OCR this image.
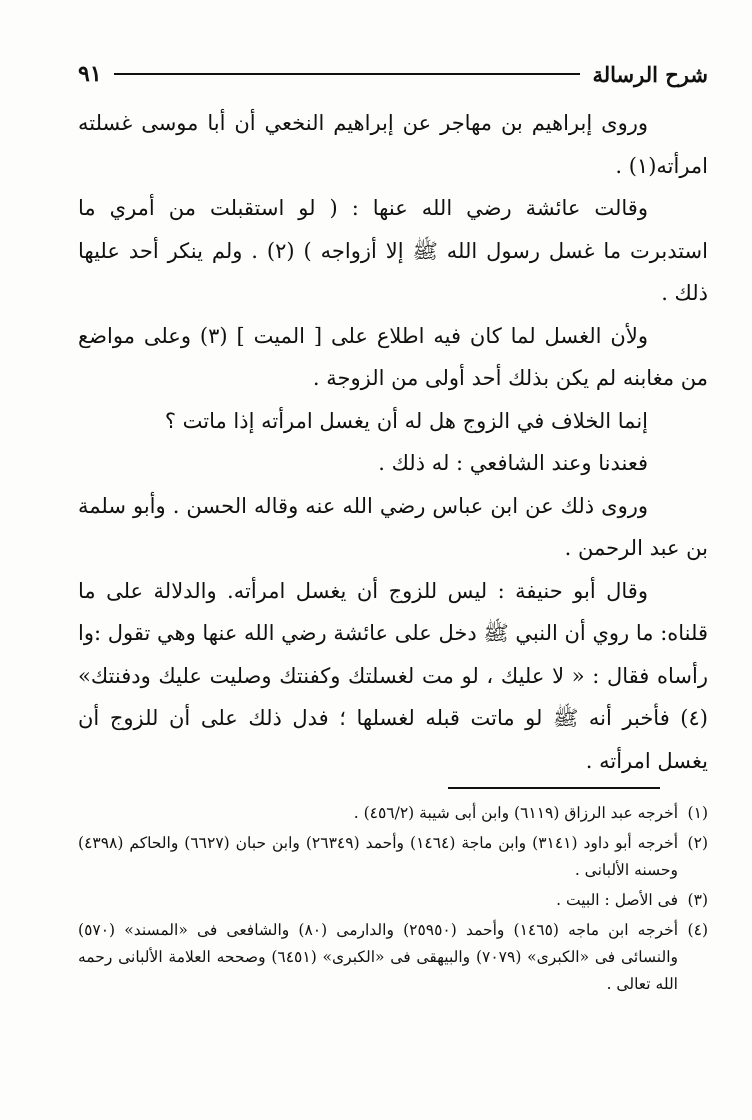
شرح الرسالة
٩١

وروى إبراهيم بن مهاجر عن إبراهيم النخعي أن أبا موسى غسلته امرأته(١) .

وقالت عائشة رضي الله عنها : ( لو استقبلت من أمري ما استدبرت ما غسل رسول الله ﷺ إلا أزواجه ) (٢) . ولم ينكر أحد عليها ذلك .

ولأن الغسل لما كان فيه اطلاع على [ الميت ] (٣) وعلى مواضع من مغابنه لم يكن بذلك أحد أولى من الزوجة .

إنما الخلاف في الزوج هل له أن يغسل امرأته إذا ماتت ؟

فعندنا وعند الشافعي : له ذلك .

وروى ذلك عن ابن عباس رضي الله عنه وقاله الحسن . وأبو سلمة بن عبد الرحمن .

وقال أبو حنيفة : ليس للزوج أن يغسل امرأته. والدلالة على ما قلناه: ما روي أن النبي ﷺ دخل على عائشة رضي الله عنها وهي تقول :وا رأساه فقال : « لا عليك ، لو مت لغسلتك وكفنتك وصليت عليك ودفنتك» (٤) فأخبر أنه ﷺ لو ماتت قبله لغسلها ؛ فدل ذلك على أن للزوج أن يغسل امرأته .

(١)أخرجه عبد الرزاق (٦١١٩) وابن أبى شيبة (٤٥٦/٢) .

(٢)أخرجه أبو داود (٣١٤١) وابن ماجة (١٤٦٤) وأحمد (٢٦٣٤٩) وابن حبان (٦٦٢٧) والحاكم (٤٣٩٨) وحسنه الألبانى .

(٣)فى الأصل : البيت .

(٤)أخرجه ابن ماجه (١٤٦٥) وأحمد (٢٥٩٥٠) والدارمى (٨٠) والشافعى فى «المسند» (٥٧٠) والنسائى فى «الكبرى» (٧٠٧٩) والبيهقى فى «الكبرى» (٦٤٥١) وصححه العلامة الألبانى رحمه الله تعالى .
